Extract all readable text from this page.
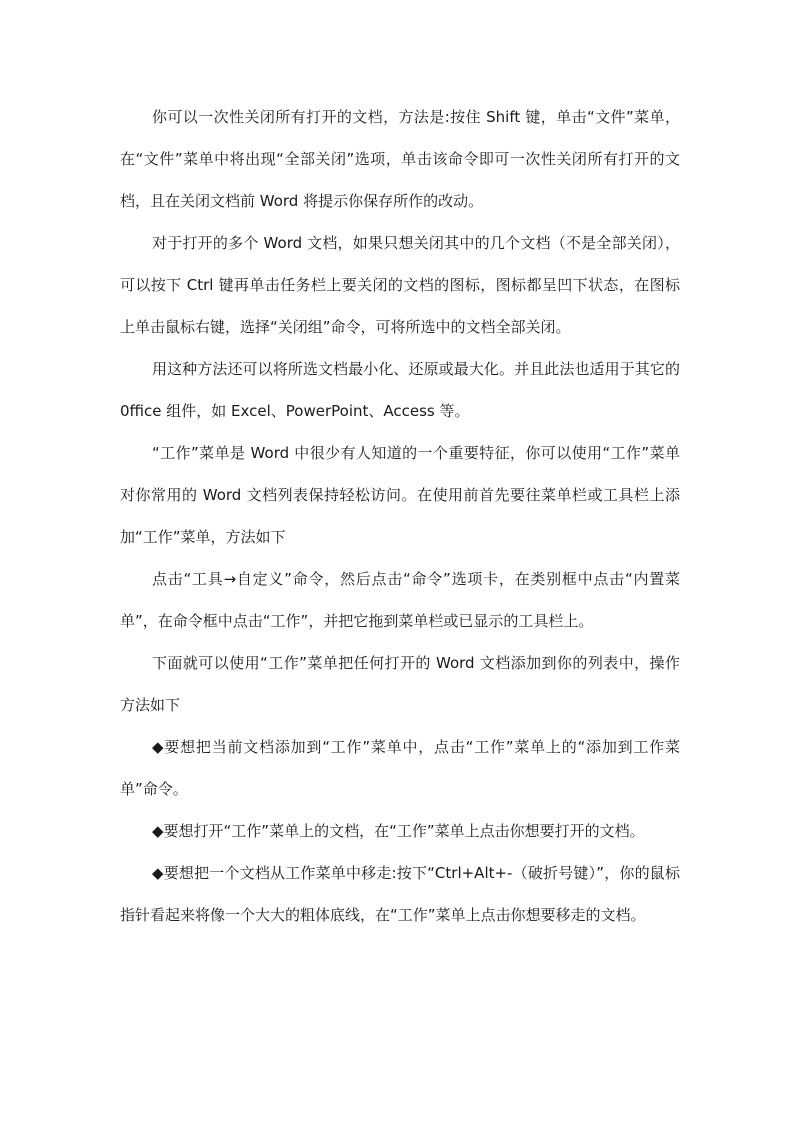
你可以一次性关闭所有打开的文档，方法是:按住 Shift 键，单击“文件”菜单，在“文件”菜单中将出现“全部关闭”选项，单击该命令即可一次性关闭所有打开的文档，且在关闭文档前 Word 将提示你保存所作的改动。

对于打开的多个 Word 文档，如果只想关闭其中的几个文档（不是全部关闭），可以按下 Ctrl 键再单击任务栏上要关闭的文档的图标，图标都呈凹下状态，在图标上单击鼠标右键，选择“关闭组”命令，可将所选中的文档全部关闭。

用这种方法还可以将所选文档最小化、还原或最大化。并且此法也适用于其它的 0ffice 组件，如 Excel、PowerPoint、Access 等。

“工作”菜单是 Word 中很少有人知道的一个重要特征，你可以使用“工作”菜单对你常用的 Word 文档列表保持轻松访问。在使用前首先要往菜单栏或工具栏上添加“工作”菜单，方法如下

点击“工具→自定义”命令，然后点击“命令”选项卡，在类别框中点击“内置菜单”，在命令框中点击“工作”，并把它拖到菜单栏或已显示的工具栏上。

下面就可以使用“工作”菜单把任何打开的 Word 文档添加到你的列表中，操作方法如下

◆要想把当前文档添加到“工作”菜单中，点击“工作”菜单上的“添加到工作菜单”命令。

◆要想打开“工作”菜单上的文档，在“工作”菜单上点击你想要打开的文档。

◆要想把一个文档从工作菜单中移走:按下“Ctrl+Alt+-（破折号键）”，你的鼠标指针看起来将像一个大大的粗体底线，在“工作”菜单上点击你想要移走的文档。
